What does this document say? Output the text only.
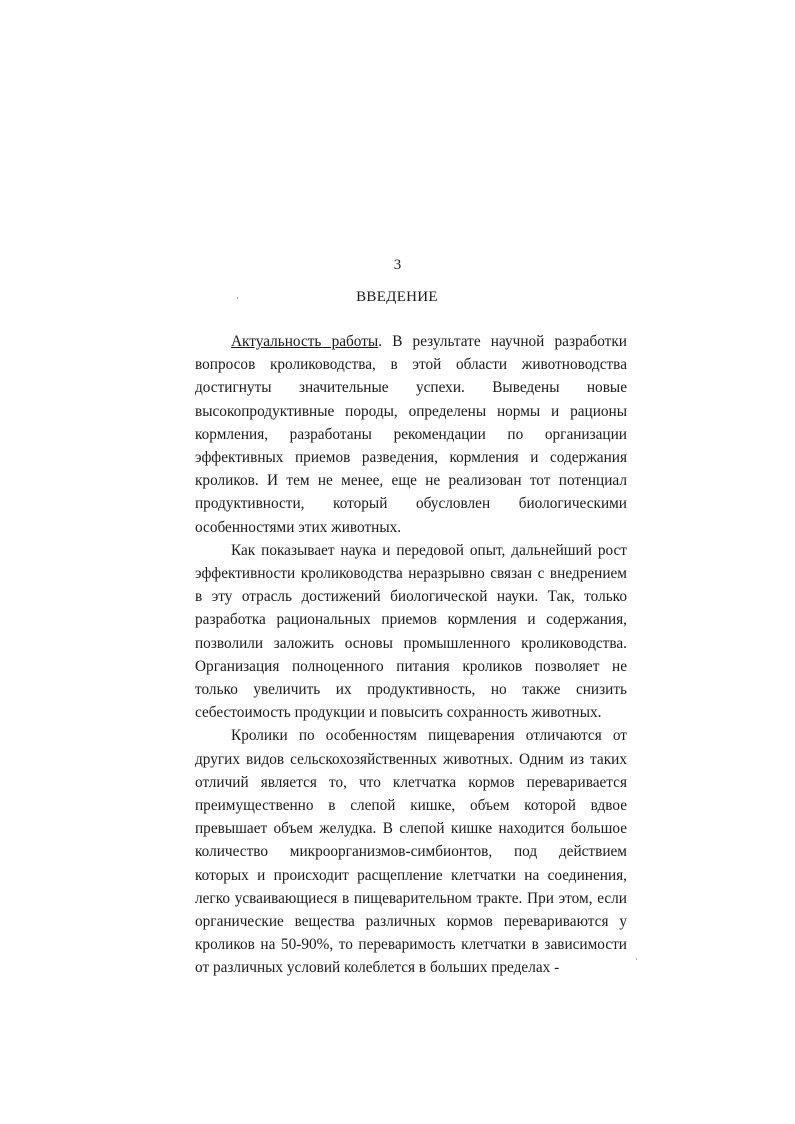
3
ВВЕДЕНИЕ

Актуальность работы. В результате научной разработки вопросов кролиководства, в этой области животноводства достигнуты значительные успехи. Выведены новые высокопродуктивные породы, определены нормы и рационы кормления, разработаны рекомендации по организации эффективных приемов разведения, кормления и содержания кроликов. И тем не менее, еще не реализован тот потенциал продуктивности, который обусловлен биологическими особенностями этих животных.

Как показывает наука и передовой опыт, дальнейший рост эффективности кролиководства неразрывно связан с внедрением в эту отрасль достижений биологической науки. Так, только разработка рациональных приемов кормления и содержания, позволили заложить основы промышленного кролиководства. Организация полноценного питания кроликов позволяет не только увеличить их продуктивность, но также снизить себестоимость продукции и повысить сохранность животных.

Кролики по особенностям пищеварения отличаются от других видов сельскохозяйственных животных. Одним из таких отличий является то, что клетчатка кормов переваривается преимущественно в слепой кишке, объем которой вдвое превышает объем желудка. В слепой кишке находится большое количество микроорганизмов-симбионтов, под действием которых и происходит расщепление клетчатки на соединения, легко усваивающиеся в пищеварительном тракте. При этом, если органические вещества различных кормов перевариваются у кроликов на 50-90%, то переваримость клетчатки в зависимости от различных условий колеблется в больших пределах -
